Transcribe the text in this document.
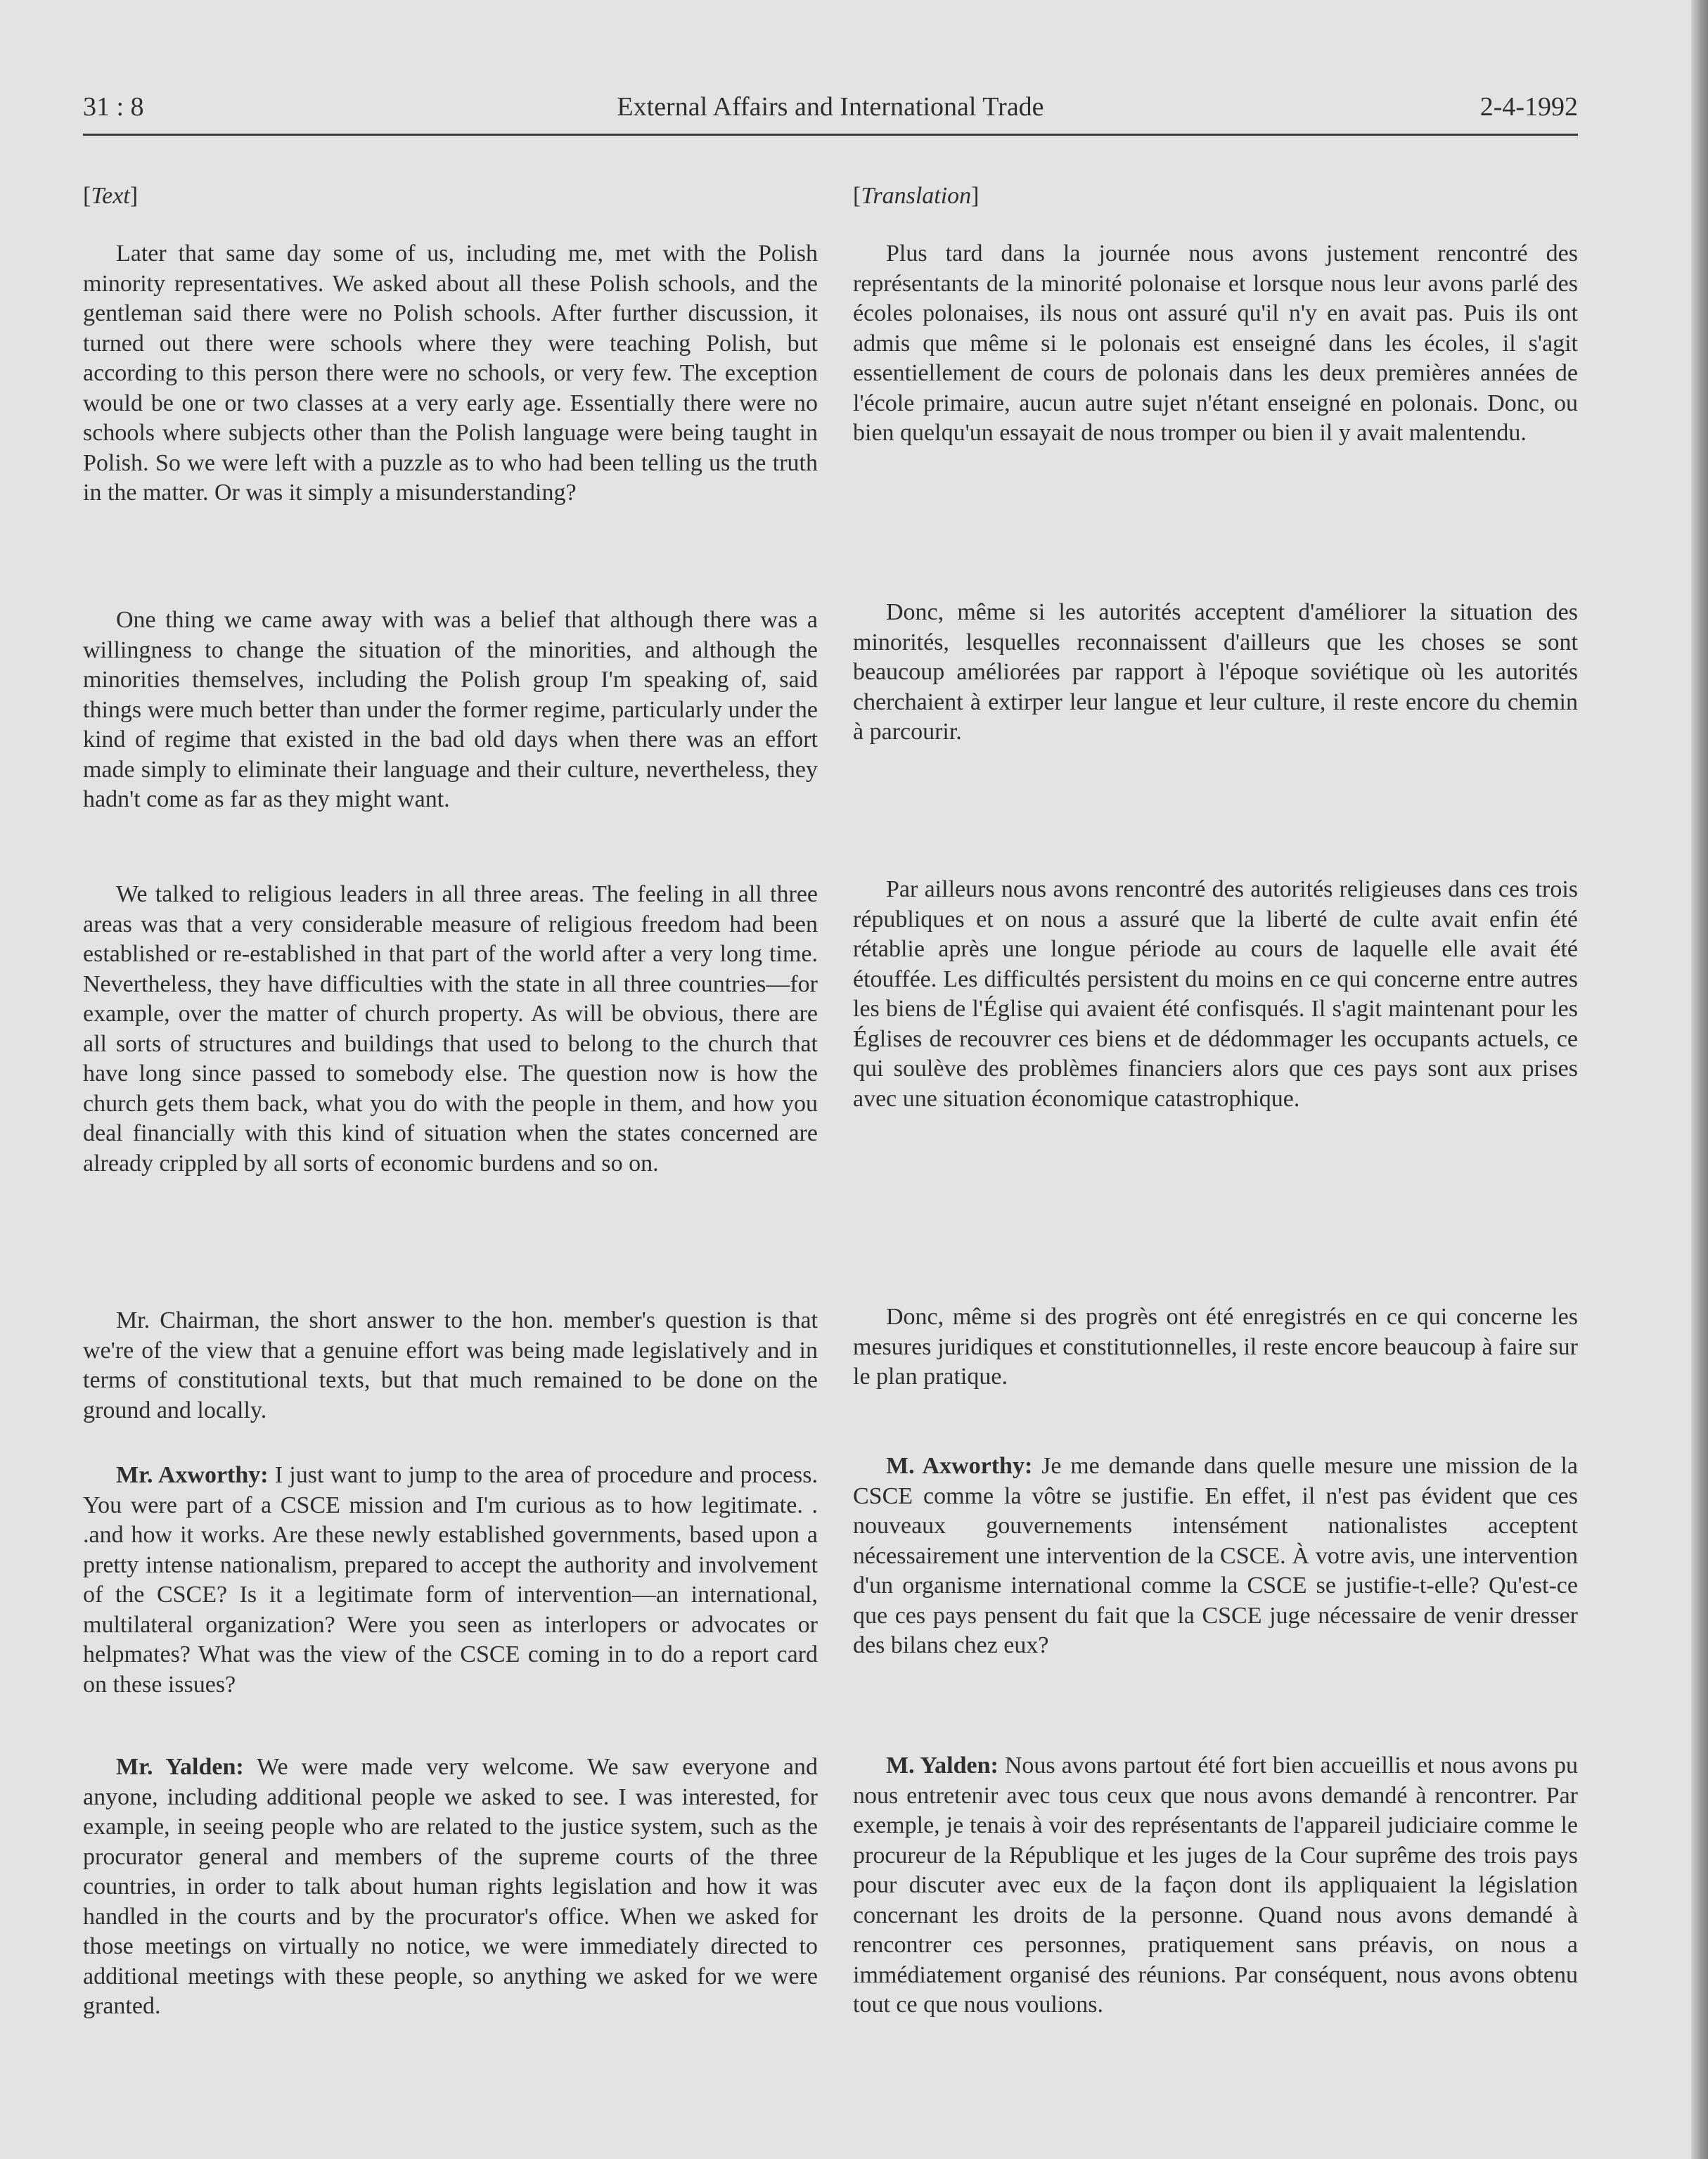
31 : 8	External Affairs and International Trade	2-4-1992
[ Text ]

Later that same day some of us, including me, met with the Polish minority representatives. We asked about all these Polish schools, and the gentleman said there were no Polish schools. After further discussion, it turned out there were schools where they were teaching Polish, but according to this person there were no schools, or very few. The exception would be one or two classes at a very early age. Essentially there were no schools where subjects other than the Polish language were being taught in Polish. So we were left with a puzzle as to who had been telling us the truth in the matter. Or was it simply a misunderstanding?

One thing we came away with was a belief that although there was a willingness to change the situation of the minorities, and although the minorities themselves, including the Polish group I'm speaking of, said things were much better than under the former regime, particularly under the kind of regime that existed in the bad old days when there was an effort made simply to eliminate their language and their culture, nevertheless, they hadn't come as far as they might want.

We talked to religious leaders in all three areas. The feeling in all three areas was that a very considerable measure of religious freedom had been established or re-established in that part of the world after a very long time. Nevertheless, they have difficulties with the state in all three countries—for example, over the matter of church property. As will be obvious, there are all sorts of structures and buildings that used to belong to the church that have long since passed to somebody else. The question now is how the church gets them back, what you do with the people in them, and how you deal financially with this kind of situation when the states concerned are already crippled by all sorts of economic burdens and so on.

Mr. Chairman, the short answer to the hon. member's question is that we're of the view that a genuine effort was being made legislatively and in terms of constitutional texts, but that much remained to be done on the ground and locally.

Mr. Axworthy: I just want to jump to the area of procedure and process. You were part of a CSCE mission and I'm curious as to how legitimate. . .and how it works. Are these newly established governments, based upon a pretty intense nationalism, prepared to accept the authority and involvement of the CSCE? Is it a legitimate form of intervention—an international, multilateral organization? Were you seen as interlopers or advocates or helpmates? What was the view of the CSCE coming in to do a report card on these issues?

Mr. Yalden: We were made very welcome. We saw everyone and anyone, including additional people we asked to see. I was interested, for example, in seeing people who are related to the justice system, such as the procurator general and members of the supreme courts of the three countries, in order to talk about human rights legislation and how it was handled in the courts and by the procurator's office. When we asked for those meetings on virtually no notice, we were immediately directed to additional meetings with these people, so anything we asked for we were granted.

[ Translation ]

Plus tard dans la journée nous avons justement rencontré des représentants de la minorité polonaise et lorsque nous leur avons parlé des écoles polonaises, ils nous ont assuré qu'il n'y en avait pas. Puis ils ont admis que même si le polonais est enseigné dans les écoles, il s'agit essentiellement de cours de polonais dans les deux premières années de l'école primaire, aucun autre sujet n'étant enseigné en polonais. Donc, ou bien quelqu'un essayait de nous tromper ou bien il y avait malentendu.

Donc, même si les autorités acceptent d'améliorer la situation des minorités, lesquelles reconnaissent d'ailleurs que les choses se sont beaucoup améliorées par rapport à l'époque soviétique où les autorités cherchaient à extirper leur langue et leur culture, il reste encore du chemin à parcourir.

Par ailleurs nous avons rencontré des autorités religieuses dans ces trois républiques et on nous a assuré que la liberté de culte avait enfin été rétablie après une longue période au cours de laquelle elle avait été étouffée. Les difficultés persistent du moins en ce qui concerne entre autres les biens de l'Église qui avaient été confisqués. Il s'agit maintenant pour les Églises de recouvrer ces biens et de dédommager les occupants actuels, ce qui soulève des problèmes financiers alors que ces pays sont aux prises avec une situation économique catastrophique.

Donc, même si des progrès ont été enregistrés en ce qui concerne les mesures juridiques et constitutionnelles, il reste encore beaucoup à faire sur le plan pratique.

M. Axworthy: Je me demande dans quelle mesure une mission de la CSCE comme la vôtre se justifie. En effet, il n'est pas évident que ces nouveaux gouvernements intensément nationalistes acceptent nécessairement une intervention de la CSCE. À votre avis, une intervention d'un organisme international comme la CSCE se justifie-t-elle? Qu'est-ce que ces pays pensent du fait que la CSCE juge nécessaire de venir dresser des bilans chez eux?

M. Yalden: Nous avons partout été fort bien accueillis et nous avons pu nous entretenir avec tous ceux que nous avons demandé à rencontrer. Par exemple, je tenais à voir des représentants de l'appareil judiciaire comme le procureur de la République et les juges de la Cour suprême des trois pays pour discuter avec eux de la façon dont ils appliquaient la législation concernant les droits de la personne. Quand nous avons demandé à rencontrer ces personnes, pratiquement sans préavis, on nous a immédiatement organisé des réunions. Par conséquent, nous avons obtenu tout ce que nous voulions.
